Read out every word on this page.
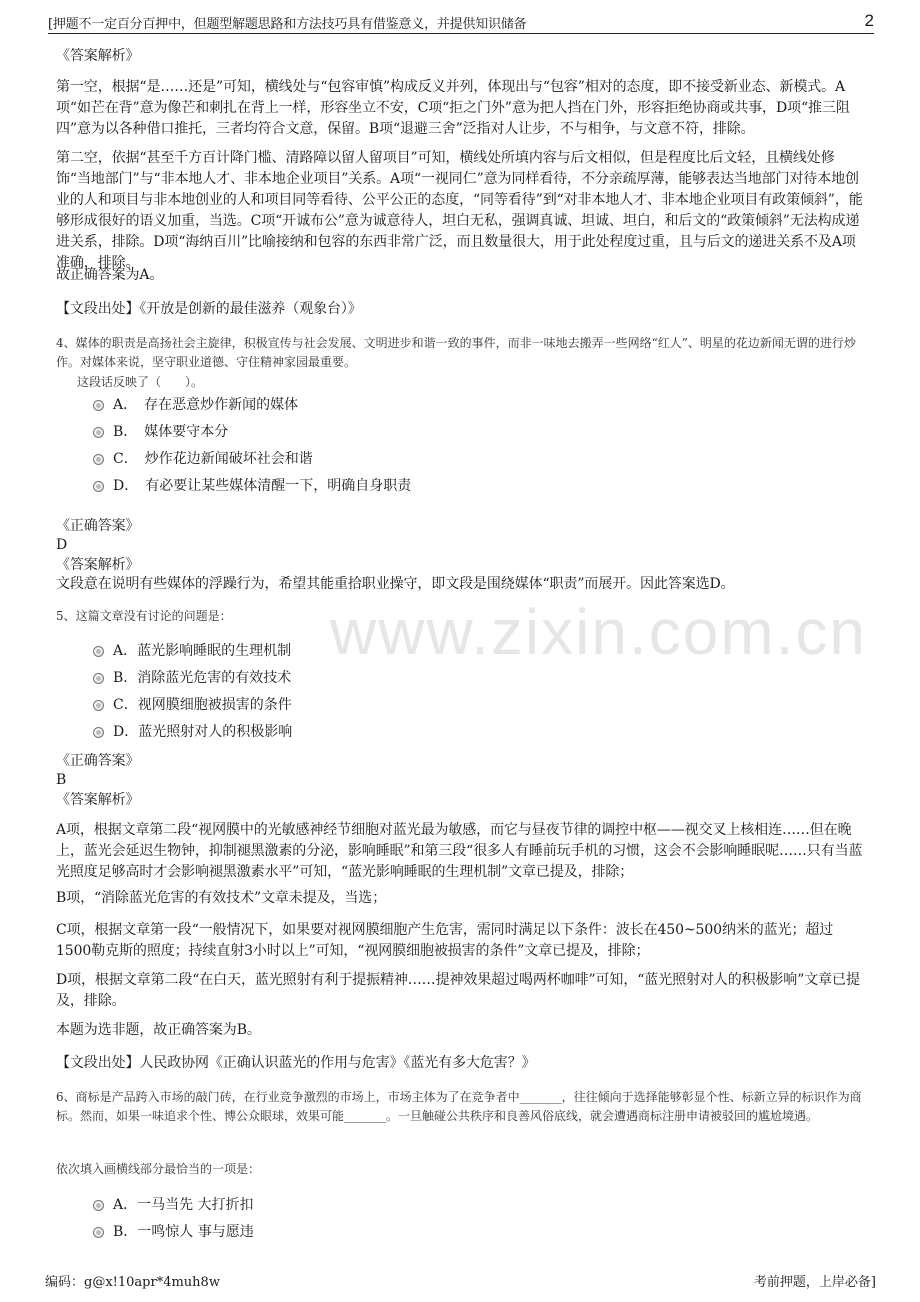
[押题不一定百分百押中，但题型解题思路和方法技巧具有借鉴意义，并提供知识储备	2
www.zixin.com.cn
《答案解析》
第一空，根据“是……还是”可知，横线处与“包容审慎”构成反义并列，体现出与“包容”相对的态度，即不接受新业态、新模式。A项“如芒在背”意为像芒和刺扎在背上一样，形容坐立不安，C项“拒之门外”意为把人挡在门外，形容拒绝协商或共事，D项“推三阻四”意为以各种借口推托，三者均符合文意，保留。B项“退避三舍”泛指对人让步，不与相争，与文意不符，排除。
第二空，依据“甚至千方百计降门槛、清路障以留人留项目”可知，横线处所填内容与后文相似，但是程度比后文轻，且横线处修饰“当地部门”与“非本地人才、非本地企业项目”关系。A项“一视同仁”意为同样看待，不分亲疏厚薄，能够表达当地部门对待本地创业的人和项目与非本地创业的人和项目同等看待、公平公正的态度，“同等看待”到“对非本地人才、非本地企业项目有政策倾斜”，能够形成很好的语义加重，当选。C项“开诚布公”意为诚意待人，坦白无私，强调真诚、坦诚、坦白，和后文的“政策倾斜”无法构成递进关系，排除。D项“海纳百川”比喻接纳和包容的东西非常广泛，而且数量很大，用于此处程度过重，且与后文的递进关系不及A项准确，排除。
故正确答案为A。
【文段出处】《开放是创新的最佳滋养（观象台）》
4、媒体的职责是高扬社会主旋律，积极宣传与社会发展、文明进步和谐一致的事件，而非一味地去搬弄一些网络“红人”、明星的花边新闻无谓的进行炒作。对媒体来说，坚守职业道德、守住精神家园最重要。
这段话反映了（　　）。
A．　存在恶意炒作新闻的媒体
B．　媒体要守本分
C．　炒作花边新闻破坏社会和谐
D．　有必要让某些媒体清醒一下，明确自身职责
《正确答案》
D
《答案解析》
文段意在说明有些媒体的浮躁行为，希望其能重拾职业操守，即文段是围绕媒体“职责”而展开。因此答案选D。
5、这篇文章没有讨论的问题是：
A．蓝光影响睡眠的生理机制
B．消除蓝光危害的有效技术
C．视网膜细胞被损害的条件
D．蓝光照射对人的积极影响
《正确答案》
B
《答案解析》
A项，根据文章第二段“视网膜中的光敏感神经节细胞对蓝光最为敏感，而它与昼夜节律的调控中枢——视交叉上核相连……但在晚上，蓝光会延迟生物钟，抑制褪黑激素的分泌，影响睡眠”和第三段“很多人有睡前玩手机的习惯，这会不会影响睡眠呢……只有当蓝光照度足够高时才会影响褪黑激素水平”可知，“蓝光影响睡眠的生理机制”文章已提及，排除；
B项，“消除蓝光危害的有效技术”文章未提及，当选；
C项，根据文章第一段“一般情况下，如果要对视网膜细胞产生危害，需同时满足以下条件：波长在450~500纳米的蓝光；超过1500勒克斯的照度；持续直射3小时以上”可知，“视网膜细胞被损害的条件”文章已提及，排除；
D项，根据文章第二段“在白天，蓝光照射有利于提振精神……提神效果超过喝两杯咖啡”可知，“蓝光照射对人的积极影响”文章已提及，排除。
本题为选非题，故正确答案为B。
【文段出处】人民政协网《正确认识蓝光的作用与危害》《蓝光有多大危害？》
6、商标是产品跨入市场的敲门砖，在行业竞争激烈的市场上，市场主体为了在竞争者中_______，往往倾向于选择能够彰显个性、标新立异的标识作为商标。然而，如果一味追求个性、博公众眼球，效果可能_______。一旦触碰公共秩序和良善风俗底线，就会遭遇商标注册申请被驳回的尴尬境遇。
依次填入画横线部分最恰当的一项是：
A．一马当先 大打折扣
B．一鸣惊人 事与愿违
编码：g@x!10apr*4muh8w	考前押题，上岸必备]
